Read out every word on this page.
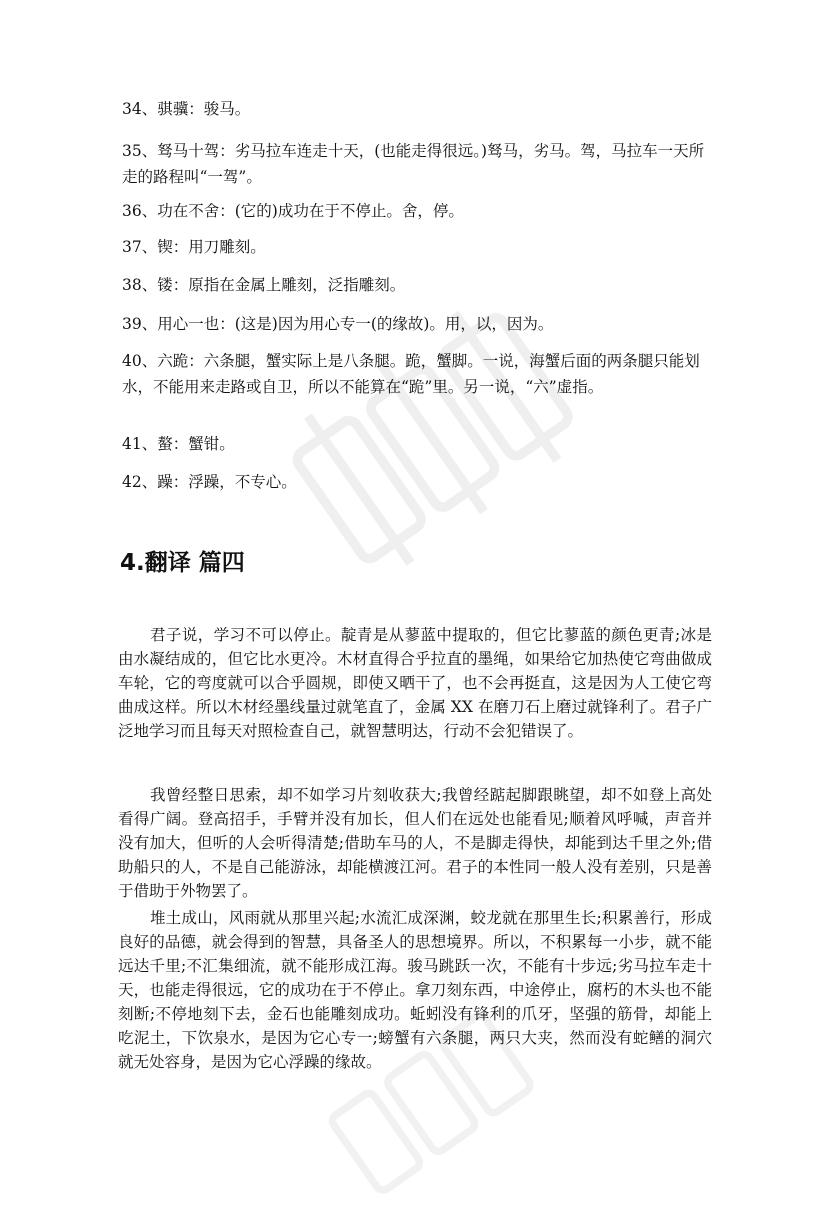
34、骐骥：骏马。

35、驽马十驾：劣马拉车连走十天，(也能走得很远。)驽马，劣马。驾，马拉车一天所走的路程叫“一驾”。

36、功在不舍：(它的)成功在于不停止。舍，停。

37、锲：用刀雕刻。

38、镂：原指在金属上雕刻，泛指雕刻。

39、用心一也：(这是)因为用心专一(的缘故)。用，以，因为。

40、六跪：六条腿，蟹实际上是八条腿。跪，蟹脚。一说，海蟹后面的两条腿只能划水，不能用来走路或自卫，所以不能算在“跪”里。另一说，“六”虚指。

41、螯：蟹钳。

42、躁：浮躁，不专心。

4.翻译 篇四

君子说，学习不可以停止。靛青是从蓼蓝中提取的，但它比蓼蓝的颜色更青;冰是由水凝结成的，但它比水更冷。木材直得合乎拉直的墨绳，如果给它加热使它弯曲做成车轮，它的弯度就可以合乎圆规，即使又晒干了，也不会再挺直，这是因为人工使它弯曲成这样。所以木材经墨线量过就笔直了，金属 XX 在磨刀石上磨过就锋利了。君子广泛地学习而且每天对照检查自己，就智慧明达，行动不会犯错误了。

我曾经整日思索，却不如学习片刻收获大;我曾经踮起脚跟眺望，却不如登上高处看得广阔。登高招手，手臂并没有加长，但人们在远处也能看见;顺着风呼喊，声音并没有加大，但听的人会听得清楚;借助车马的人，不是脚走得快，却能到达千里之外;借助船只的人，不是自己能游泳，却能横渡江河。君子的本性同一般人没有差别，只是善于借助于外物罢了。

堆土成山，风雨就从那里兴起;水流汇成深渊，蛟龙就在那里生长;积累善行，形成良好的品德，就会得到的智慧，具备圣人的思想境界。所以，不积累每一小步，就不能远达千里;不汇集细流，就不能形成江海。骏马跳跃一次，不能有十步远;劣马拉车走十天，也能走得很远，它的成功在于不停止。拿刀刻东西，中途停止，腐朽的木头也不能刻断;不停地刻下去，金石也能雕刻成功。蚯蚓没有锋利的爪牙，坚强的筋骨，却能上吃泥土，下饮泉水，是因为它心专一;螃蟹有六条腿，两只大夹，然而没有蛇鳝的洞穴就无处容身，是因为它心浮躁的缘故。
